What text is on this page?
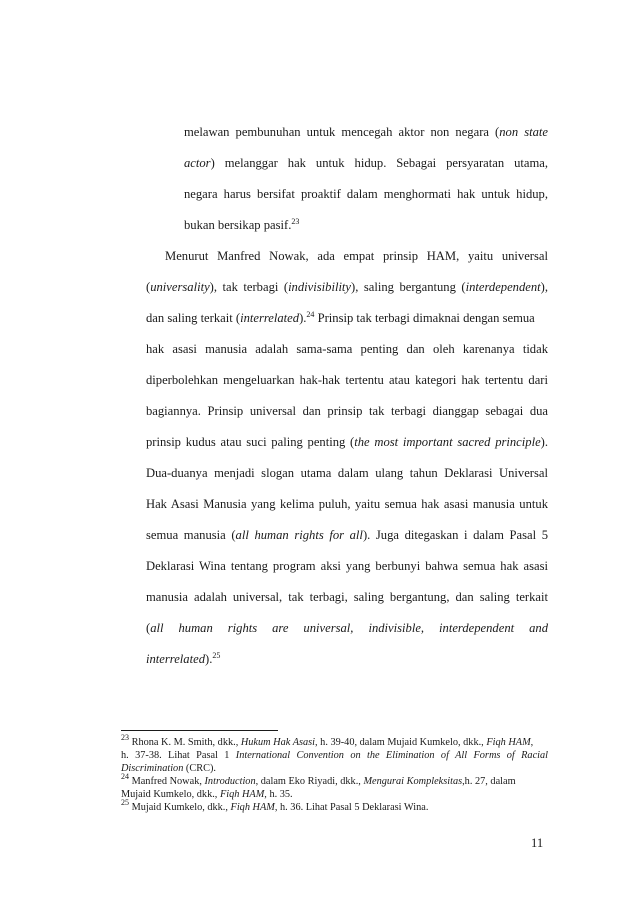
melawan pembunuhan untuk mencegah aktor non negara (non state
actor) melanggar hak untuk hidup. Sebagai persyaratan utama,
negara harus bersifat proaktif dalam menghormati hak untuk hidup,
bukan bersikap pasif.$^{23}$
Menurut Manfred Nowak, ada empat prinsip HAM, yaitu universal
(universality), tak terbagi (indivisibility), saling bergantung (interdependent),
dan saling terkait (interrelated).$^{24}$ Prinsip tak terbagi dimaknai dengan semua
hak asasi manusia adalah sama-sama penting dan oleh karenanya tidak
diperbolehkan mengeluarkan hak-hak tertentu atau kategori hak tertentu dari
bagiannya. Prinsip universal dan prinsip tak terbagi dianggap sebagai dua
prinsip kudus atau suci paling penting (the most important sacred principle).
Dua-duanya menjadi slogan utama dalam ulang tahun Deklarasi Universal
Hak Asasi Manusia yang kelima puluh, yaitu semua hak asasi manusia untuk
semua manusia (all human rights for all). Juga ditegaskan i dalam Pasal 5
Deklarasi Wina tentang program aksi yang berbunyi bahwa semua hak asasi
manusia adalah universal, tak terbagi, saling bergantung, dan saling terkait
( all human rights are universal, indivisible, interdependent and
interrelated).$^{25}$
$^{23}$ Rhona K. M. Smith, dkk., Hukum Hak Asasi, h. 39-40, dalam Mujaid Kumkelo, dkk., Fiqh HAM,
h. 37-38. Lihat Pasal 1 International Convention on the Elimination of All Forms of Racial
Discrimination (CRC).
$^{24}$ Manfred Nowak, Introduction, dalam Eko Riyadi, dkk., Mengurai Kompleksitas,h. 27, dalam
Mujaid Kumkelo, dkk., Fiqh HAM, h. 35.
$^{25}$ Mujaid Kumkelo, dkk., Fiqh HAM, h. 36. Lihat Pasal 5 Deklarasi Wina.
11
